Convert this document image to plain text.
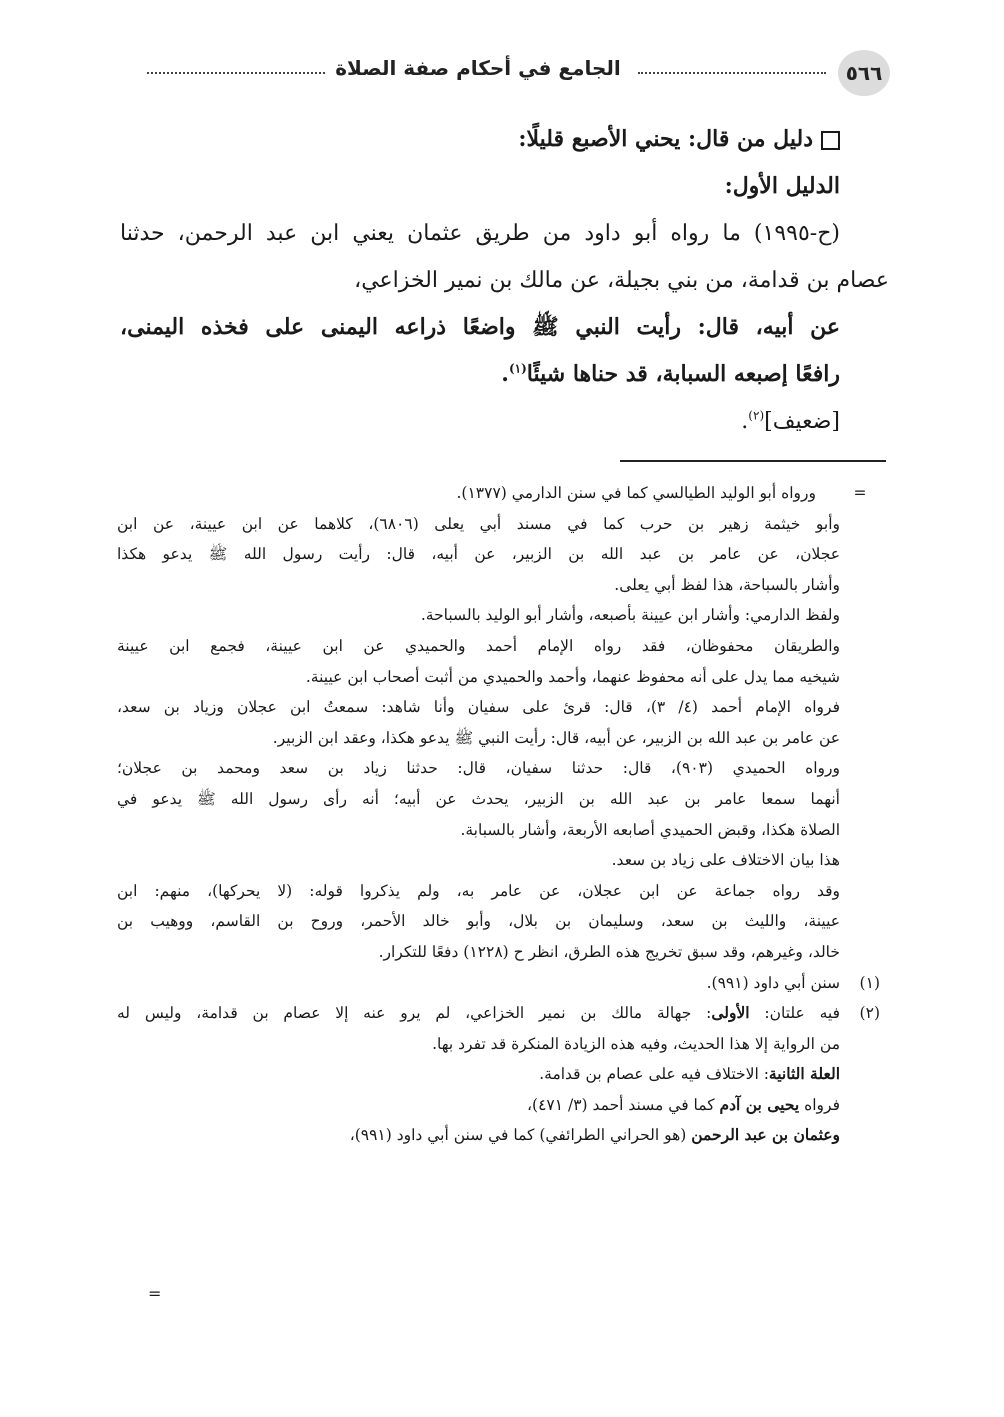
٥٦٦
الجامع في أحكام صفة الصلاة
دليل من قال: يحني الأصبع قليلًا:
الدليل الأول:
(ح-١٩٩٥) ما رواه أبو داود من طريق عثمان يعني ابن عبد الرحمن، حدثنا
عصام بن قدامة، من بني بجيلة، عن مالك بن نمير الخزاعي،
عن أبيه، قال: رأيت النبي ﷺ واضعًا ذراعه اليمنى على فخذه اليمنى،
رافعًا إصبعه السبابة، قد حناها شيئًا$^{(١)}$.
[ضعيف]$^{(٢)}$.
=ورواه أبو الوليد الطيالسي كما في سنن الدارمي (١٣٧٧).
وأبو خيثمة زهير بن حرب كما في مسند أبي يعلى (٦٨٠٦)، كلاهما عن ابن عيينة، عن ابن
عجلان، عن عامر بن عبد الله بن الزبير، عن أبيه، قال: رأيت رسول الله ﷺ يدعو هكذا
وأشار بالسباحة، هذا لفظ أبي يعلى.
ولفظ الدارمي: وأشار ابن عيينة بأصبعه، وأشار أبو الوليد بالسباحة.
والطريقان محفوظان، فقد رواه الإمام أحمد والحميدي عن ابن عيينة، فجمع ابن عيينة
شيخيه مما يدل على أنه محفوظ عنهما، وأحمد والحميدي من أثبت أصحاب ابن عيينة.
فرواه الإمام أحمد (٤/ ٣)، قال: قرئ على سفيان وأنا شاهد: سمعتُ ابن عجلان وزياد بن سعد،
عن عامر بن عبد الله بن الزبير، عن أبيه، قال: رأيت النبي ﷺ يدعو هكذا، وعقد ابن الزبير.
ورواه الحميدي (٩٠٣)، قال: حدثنا سفيان، قال: حدثنا زياد بن سعد ومحمد بن عجلان؛
أنهما سمعا عامر بن عبد الله بن الزبير، يحدث عن أبيه؛ أنه رأى رسول الله ﷺ يدعو في
الصلاة هكذا، وقبض الحميدي أصابعه الأربعة، وأشار بالسبابة.
هذا بيان الاختلاف على زياد بن سعد.
وقد رواه جماعة عن ابن عجلان، عن عامر به، ولم يذكروا قوله: (لا يحركها)، منهم: ابن
عيينة، والليث بن سعد، وسليمان بن بلال، وأبو خالد الأحمر، وروح بن القاسم، ووهيب بن
خالد، وغيرهم، وقد سبق تخريج هذه الطرق، انظر ح (١٢٢٨) دفعًا للتكرار.
(١)سنن أبي داود (٩٩١).
(٢)فيه علتان: الأولى: جهالة مالك بن نمير الخزاعي، لم يرو عنه إلا عصام بن قدامة، وليس له
من الرواية إلا هذا الحديث، وفيه هذه الزيادة المنكرة قد تفرد بها.
العلة الثانية: الاختلاف فيه على عصام بن قدامة.
فرواه يحيى بن آدم كما في مسند أحمد (٣/ ٤٧١)،
وعثمان بن عبد الرحمن (هو الحراني الطرائفي) كما في سنن أبي داود (٩٩١)،
=
